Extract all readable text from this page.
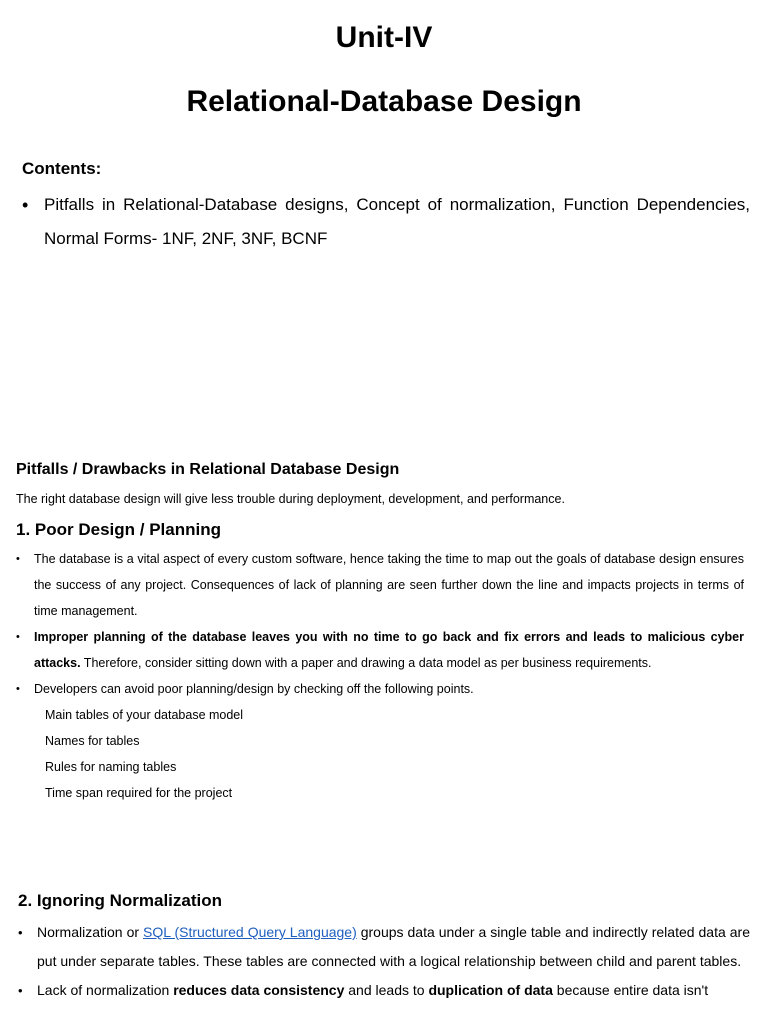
Unit-IV
Relational-Database Design
Contents:
• Pitfalls in Relational-Database designs, Concept of normalization, Function Dependencies, Normal Forms- 1NF, 2NF, 3NF, BCNF
Pitfalls / Drawbacks in Relational Database Design
The right database design will give less trouble during deployment, development, and performance.
1. Poor Design / Planning
• The database is a vital aspect of every custom software, hence taking the time to map out the goals of database design ensures the success of any project. Consequences of lack of planning are seen further down the line and impacts projects in terms of time management.
• Improper planning of the database leaves you with no time to go back and fix errors and leads to malicious cyber attacks. Therefore, consider sitting down with a paper and drawing a data model as per business requirements.
• Developers can avoid poor planning/design by checking off the following points.
Main tables of your database model
Names for tables
Rules for naming tables
Time span required for the project
2. Ignoring Normalization
• Normalization or SQL (Structured Query Language) groups data under a single table and indirectly related data are put under separate tables. These tables are connected with a logical relationship between child and parent tables.
• Lack of normalization reduces data consistency and leads to duplication of data because entire data isn't
